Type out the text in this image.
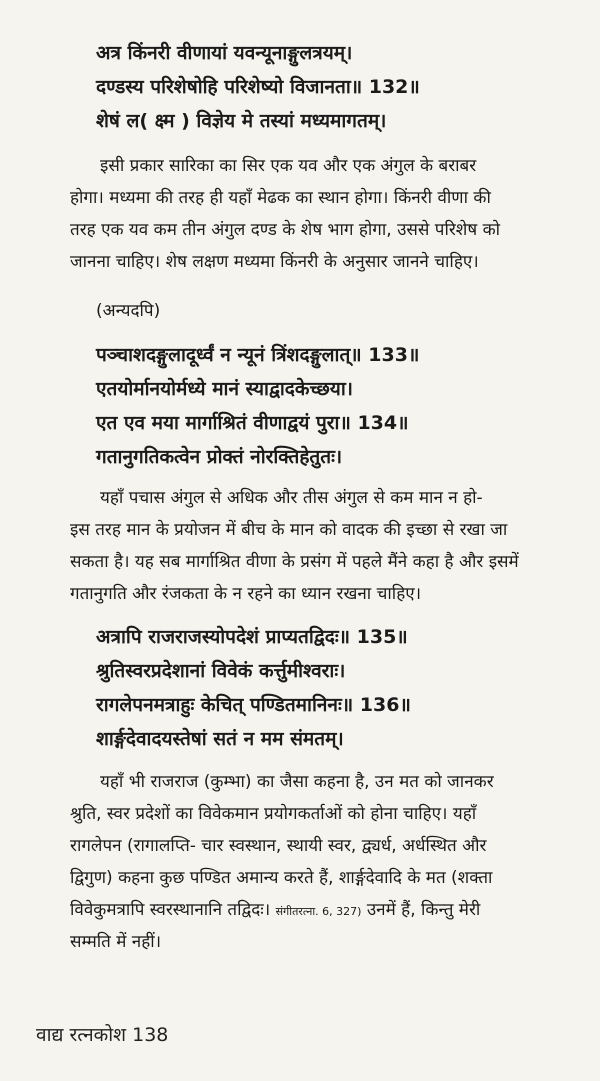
अत्र किंनरी वीणायां यवन्यूनाङ्गुलत्रयम्।
दण्डस्य परिशेषोहि परिशेष्यो विजानता॥ 132॥
शेषं ल( क्ष्म ) विज्ञेय मे तस्यां मध्यमागतम्।
इसी प्रकार सारिका का सिर एक यव और एक अंगुल के बराबर
होगा। मध्यमा की तरह ही यहाँ मेढक का स्थान होगा। किंनरी वीणा की
तरह एक यव कम तीन अंगुल दण्ड के शेष भाग होगा, उससे परिशेष को
जानना चाहिए। शेष लक्षण मध्यमा किंनरी के अनुसार जानने चाहिए।
(अन्यदपि)
पञ्चाशदङ्गुलादूर्ध्वं न न्यूनं त्रिंशदङ्गुलात्॥ 133॥
एतयोर्मानयोर्मध्ये मानं स्याद्वादकेच्छया।
एत एव मया मार्गाश्रितं वीणाद्वयं पुरा॥ 134॥
गतानुगतिकत्वेन प्रोक्तं नोरक्तिहेतुतः।
यहाँ पचास अंगुल से अधिक और तीस अंगुल से कम मान न हो-
इस तरह मान के प्रयोजन में बीच के मान को वादक की इच्छा से रखा जा
सकता है। यह सब मार्गाश्रित वीणा के प्रसंग में पहले मैंने कहा है और इसमें
गतानुगति और रंजकता के न रहने का ध्यान रखना चाहिए।
अत्रापि राजराजस्योपदेशं प्राप्यतद्विदः॥ 135॥
श्रुतिस्वरप्रदेशानां विवेकं कर्त्तुमीश्वराः।
रागलेपनमत्राहुः केचित् पण्डितमानिनः॥ 136॥
शार्ङ्गदेवादयस्तेषां सतं न मम संमतम्।
यहाँ भी राजराज (कुम्भा) का जैसा कहना है, उन मत को जानकर
श्रुति, स्वर प्रदेशों का विवेकमान प्रयोगकर्ताओं को होना चाहिए। यहाँ
रागलेपन (रागालप्ति- चार स्वस्थान, स्थायी स्वर, द्व्यर्ध, अर्धस्थित और
द्विगुण) कहना कुछ पण्डित अमान्य करते हैं, शार्ङ्गदेवादि के मत (शक्ता
विवेकुमत्रापि स्वरस्थानानि तद्विदः। संगीतरत्ना. 6, 327) उनमें हैं, किन्तु मेरी
सम्मति में नहीं।
वाद्य रत्नकोश 138
